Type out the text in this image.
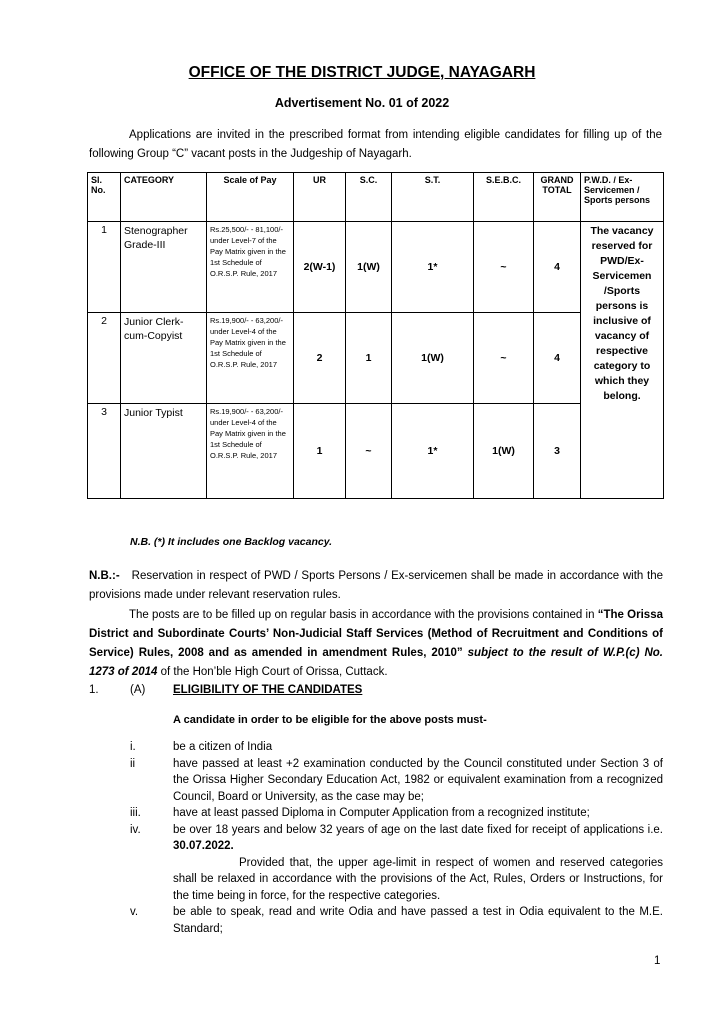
OFFICE OF THE DISTRICT JUDGE, NAYAGARH
Advertisement No. 01 of 2022
Applications are invited in the prescribed format from intending eligible candidates for filling up of the following Group “C” vacant posts in the Judgeship of Nayagarh.
Sl. No.	CATEGORY	Scale of Pay	UR	S.C.	S.T.	S.E.B.C.	GRAND TOTAL	P.W.D. / Ex-Servicemen / Sports persons
1	Stenographer Grade-III	Rs.25,500/- - 81,100/- under Level-7 of the Pay Matrix given in the 1st Schedule of O.R.S.P. Rule, 2017	2(W-1)	1(W)	1*	~	4	The vacancy reserved for PWD/Ex-Servicemen /Sports persons is inclusive of vacancy of respective category to which they belong.
2	Junior Clerk-cum-Copyist	Rs.19,900/- - 63,200/- under Level-4 of the Pay Matrix given in the 1st Schedule of O.R.S.P. Rule, 2017	2	1	1(W)	~	4	
3	Junior Typist	Rs.19,900/- - 63,200/- under Level-4 of the Pay Matrix given in the 1st Schedule of O.R.S.P. Rule, 2017	1	~	1*	1(W)	3	
N.B. (*) It includes one Backlog vacancy.
N.B.:- Reservation in respect of PWD / Sports Persons / Ex-servicemen shall be made in accordance with the provisions made under relevant reservation rules.
The posts are to be filled up on regular basis in accordance with the provisions contained in “The Orissa District and Subordinate Courts’ Non-Judicial Staff Services (Method of Recruitment and Conditions of Service) Rules, 2008 and as amended in amendment Rules, 2010” subject to the result of W.P.(c) No. 1273 of 2014 of the Hon’ble High Court of Orissa, Cuttack.
1.	(A) ELIGIBILITY OF THE CANDIDATES
A candidate in order to be eligible for the above posts must-
i.	be a citizen of India
ii	have passed at least +2 examination conducted by the Council constituted under Section 3 of the Orissa Higher Secondary Education Act, 1982 or equivalent examination from a recognized Council, Board or University, as the case may be;
iii.	have at least passed Diploma in Computer Application from a recognized institute;
iv.	be over 18 years and below 32 years of age on the last date fixed for receipt of applications i.e. 30.07.2022.
Provided that, the upper age-limit in respect of women and reserved categories shall be relaxed in accordance with the provisions of the Act, Rules, Orders or Instructions, for the time being in force, for the respective categories.
v.	be able to speak, read and write Odia and have passed a test in Odia equivalent to the M.E. Standard;
1
